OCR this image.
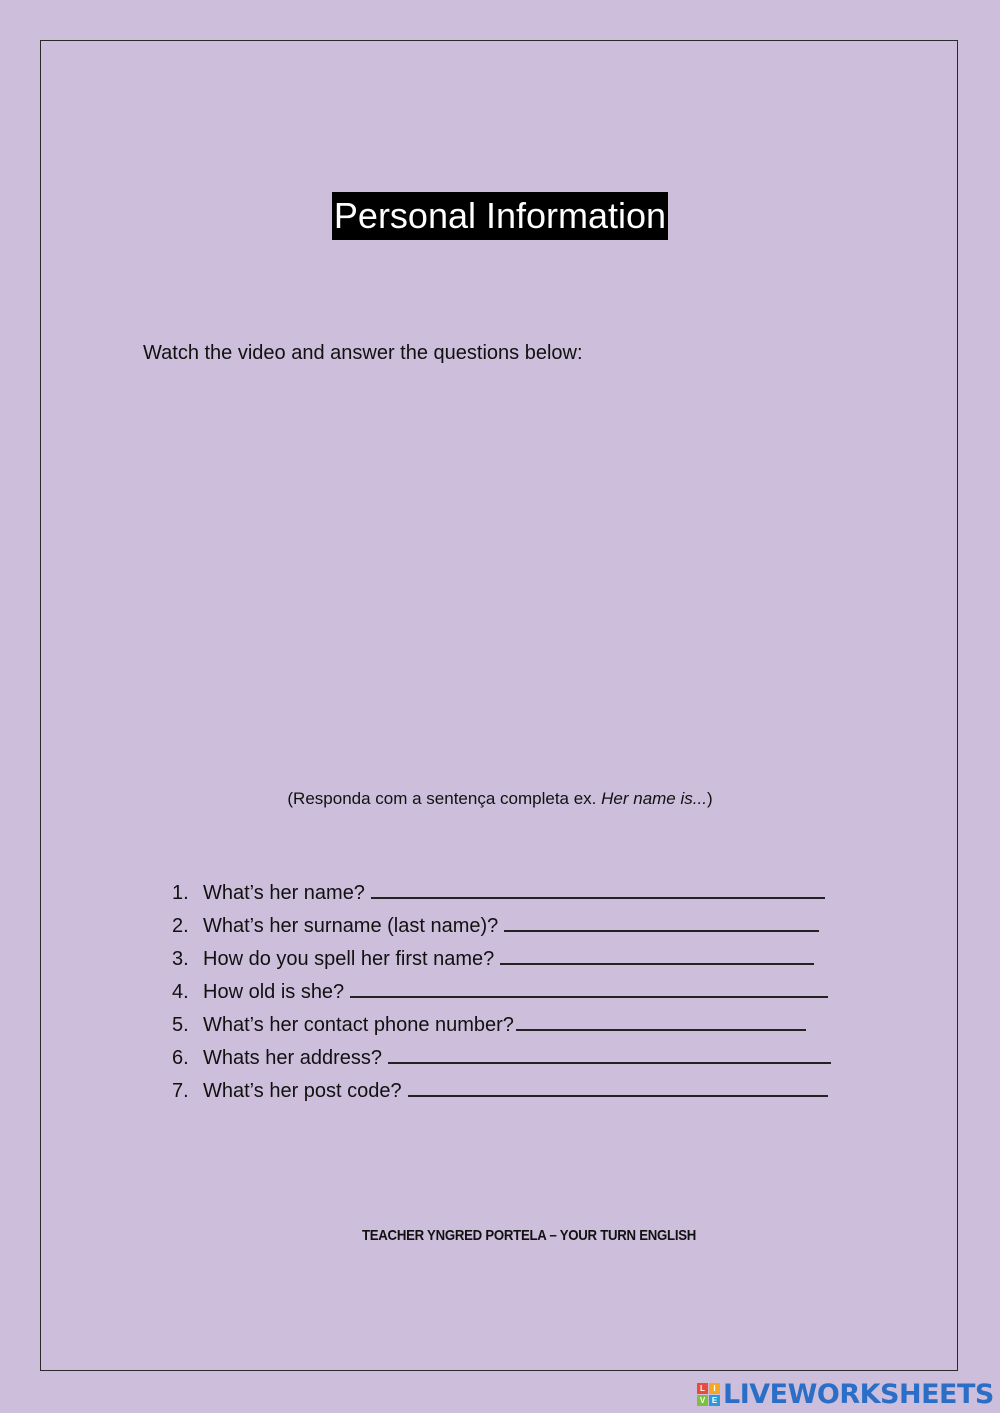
Personal Information
Watch the video and answer the questions below:
(Responda com a sentença completa ex. Her name is...)
1. What’s her name?
2. What’s her surname (last name)?
3. How do you spell her first name?
4. How old is she?
5. What’s her contact phone number?
6. Whats her address?
7. What’s her post code?
TEACHER YNGRED PORTELA – YOUR TURN ENGLISH
L	I
V E LIVEWORKSHEETS
